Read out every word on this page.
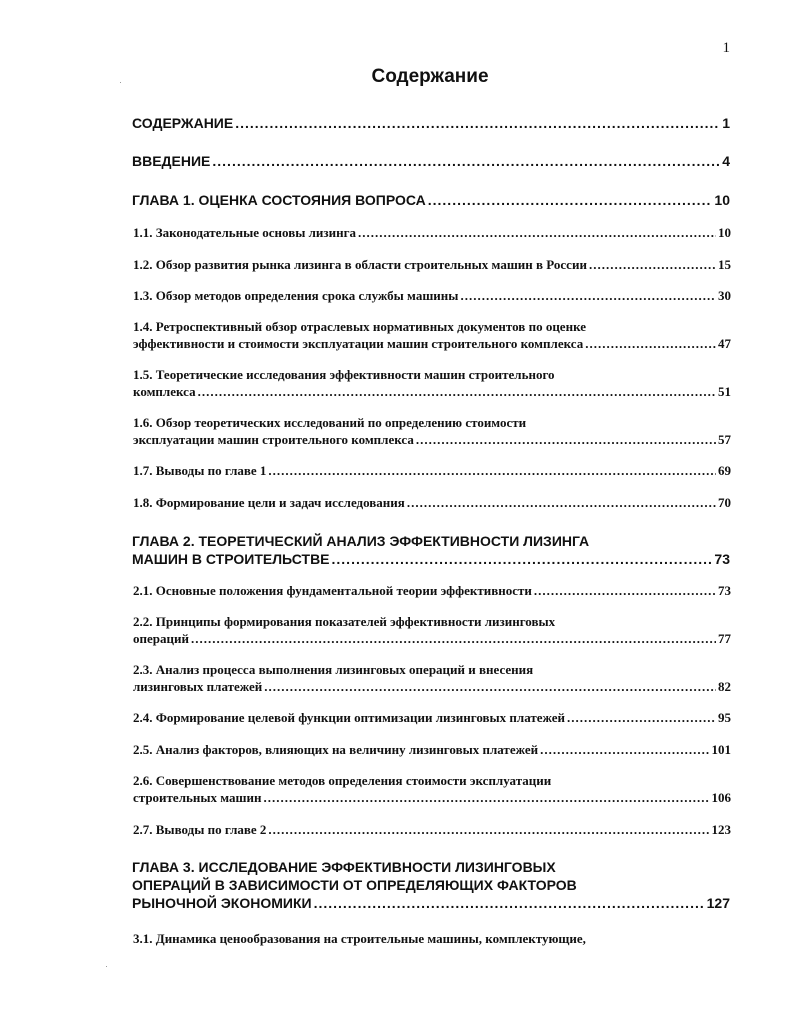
1
Содержание
СОДЕРЖАНИЕ .....	1
ВВЕДЕНИЕ .....	4
ГЛАВА 1. ОЦЕНКА СОСТОЯНИЯ ВОПРОСА .....	10
1.1. Законодательные основы лизинга .....	10
1.2. Обзор развития рынка лизинга в области строительных машин в России .....	15
1.3. Обзор методов определения срока службы машины .....	30
1.4. Ретроспективный обзор отраслевых нормативных документов по оценке
эффективности и стоимости эксплуатации машин строительного комплекса .....	47
1.5. Теоретические исследования эффективности машин строительного
комплекса .....	51
1.6. Обзор теоретических исследований по определению стоимости
эксплуатации машин строительного комплекса .....	57
1.7. Выводы по главе 1 .....	69
1.8. Формирование цели и задач исследования .....	70
ГЛАВА 2. ТЕОРЕТИЧЕСКИЙ АНАЛИЗ ЭФФЕКТИВНОСТИ ЛИЗИНГА
МАШИН В СТРОИТЕЛЬСТВЕ .....	73
2.1. Основные положения фундаментальной теории эффективности .....	73
2.2. Принципы формирования показателей эффективности лизинговых
операций .....	77
2.3. Анализ процесса выполнения лизинговых операций и внесения
лизинговых платежей .....	82
2.4. Формирование целевой функции оптимизации лизинговых платежей .....	95
2.5. Анализ факторов, влияющих на величину лизинговых платежей .....	101
2.6. Совершенствование методов определения стоимости эксплуатации
строительных машин .....	106
2.7. Выводы по главе 2 .....	123
ГЛАВА 3. ИССЛЕДОВАНИЕ ЭФФЕКТИВНОСТИ ЛИЗИНГОВЫХ
ОПЕРАЦИЙ В ЗАВИСИМОСТИ ОТ ОПРЕДЕЛЯЮЩИХ ФАКТОРОВ
РЫНОЧНОЙ ЭКОНОМИКИ .....	127
3.1. Динамика ценообразования на строительные машины, комплектующие,
